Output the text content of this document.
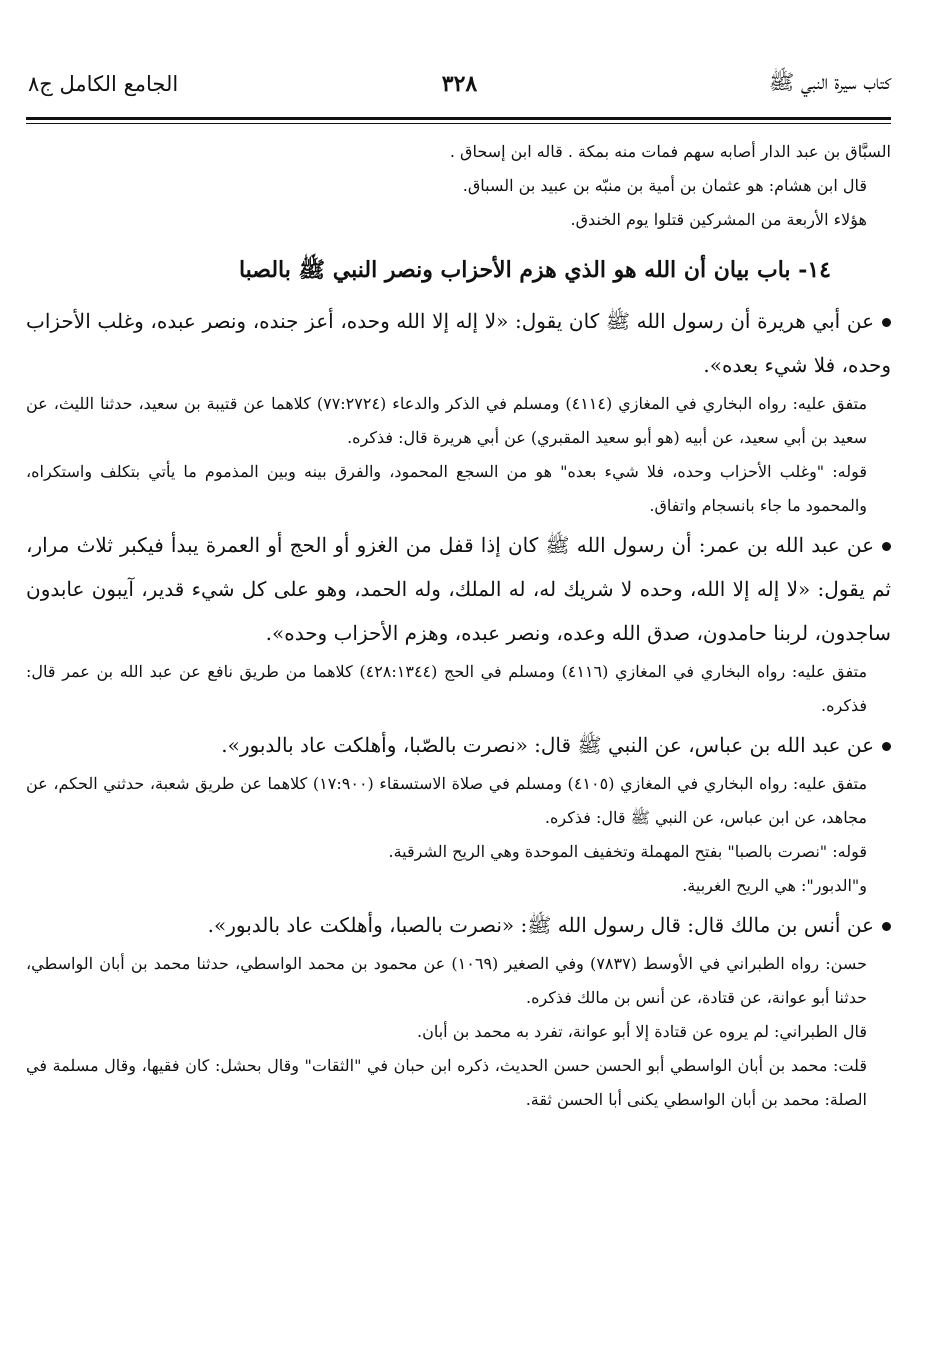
كتاب سيرة النبي ﷺ
٣٢٨
الجامع الكامل ج٨

السبَّاق بن عبد الدار أصابه سهم فمات منه بمكة . قاله ابن إسحاق .

قال ابن هشام: هو عثمان بن أمية بن منبّه بن عبيد بن السباق.

هؤلاء الأربعة من المشركين قتلوا يوم الخندق.

١٤- باب بيان أن الله هو الذي هزم الأحزاب ونصر النبي ﷺ بالصبا

عن أبي هريرة أن رسول الله ﷺ كان يقول: «لا إله إلا الله وحده، أعز جنده، ونصر عبده، وغلب الأحزاب وحده، فلا شيء بعده».

متفق عليه: رواه البخاري في المغازي (٤١١٤) ومسلم في الذكر والدعاء (٧٧:٢٧٢٤) كلاهما عن قتيبة بن سعيد، حدثنا الليث، عن سعيد بن أبي سعيد، عن أبيه (هو أبو سعيد المقبري) عن أبي هريرة قال: فذكره.

قوله: "وغلب الأحزاب وحده، فلا شيء بعده" هو من السجع المحمود، والفرق بينه وبين المذموم ما يأتي بتكلف واستكراه، والمحمود ما جاء بانسجام واتفاق.

عن عبد الله بن عمر: أن رسول الله ﷺ كان إذا قفل من الغزو أو الحج أو العمرة يبدأ فيكبر ثلاث مرار، ثم يقول: «لا إله إلا الله، وحده لا شريك له، له الملك، وله الحمد، وهو على كل شيء قدير، آيبون عابدون ساجدون، لربنا حامدون، صدق الله وعده، ونصر عبده، وهزم الأحزاب وحده».

متفق عليه: رواه البخاري في المغازي (٤١١٦) ومسلم في الحج (٤٢٨:١٣٤٤) كلاهما من طريق نافع عن عبد الله بن عمر قال: فذكره.

عن عبد الله بن عباس، عن النبي ﷺ قال: «نصرت بالصّبا، وأهلكت عاد بالدبور».

متفق عليه: رواه البخاري في المغازي (٤١٠٥) ومسلم في صلاة الاستسقاء (١٧:٩٠٠) كلاهما عن طريق شعبة، حدثني الحكم، عن مجاهد، عن ابن عباس، عن النبي ﷺ قال: فذكره.

قوله: "نصرت بالصبا" بفتح المهملة وتخفيف الموحدة وهي الريح الشرقية.

و"الدبور": هي الريح الغربية.

عن أنس بن مالك قال: قال رسول الله ﷺ: «نصرت بالصبا، وأهلكت عاد بالدبور».

حسن: رواه الطبراني في الأوسط (٧٨٣٧) وفي الصغير (١٠٦٩) عن محمود بن محمد الواسطي، حدثنا محمد بن أبان الواسطي، حدثنا أبو عوانة، عن قتادة، عن أنس بن مالك فذكره.

قال الطبراني: لم يروه عن قتادة إلا أبو عوانة، تفرد به محمد بن أبان.

قلت: محمد بن أبان الواسطي أبو الحسن حسن الحديث، ذكره ابن حبان في "الثقات" وقال بحشل: كان فقيها، وقال مسلمة في الصلة: محمد بن أبان الواسطي يكنى أبا الحسن ثقة.
